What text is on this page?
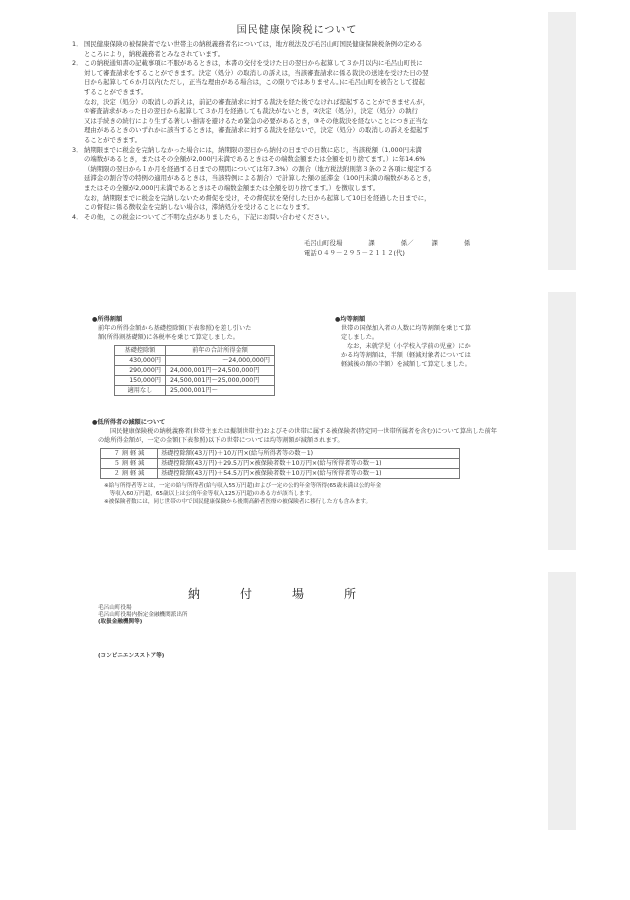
国民健康保険税について
1． 国民健康保険の被保険者でない世帯主の納税義務者名については，地方税法及び毛呂山町国民健康保険税条例の定める
ところにより，納税義務者とみなされています。
2． この納税通知書の記載事項に不服があるときは，本書の交付を受けた日の翌日から起算して３か月以内に毛呂山町長に
対して審査請求をすることができます。決定（処分）の取消しの訴えは，当該審査請求に係る裁決の送達を受けた日の翌
日から起算して６か月以内(ただし，正当な理由がある場合は，この限りではありません。)に毛呂山町を被告として提起
することができます。
なお，決定（処分）の取消しの訴えは，前記の審査請求に対する裁決を経た後でなければ提起することができませんが，
①審査請求があった日の翌日から起算して３か月を経過しても裁決がないとき，②決定（処分），決定（処分）の執行
又は手続きの続行により生ずる著しい損害を避けるため緊急の必要があるとき，③その他裁決を経ないことにつき正当な
理由があるときのいずれかに該当するときは，審査請求に対する裁決を経ないで，決定（処分）の取消しの訴えを提起す
ることができます。
3． 納期限までに税金を完納しなかった場合には，納期限の翌日から納付の日までの日数に応じ，当該税額（1,000円未満
の端数があるとき，またはその全額が2,000円未満であるときはその端数金額または全額を切り捨てます。）に年14.6%
（納期限の翌日から１か月を経過する日までの期間については年7.3%）の割合（地方税法附則第３条の２各項に規定する
延滞金の割合等の特例の適用があるときは，当該特例による割合）で計算した額の延滞金（100円未満の端数があるとき，
またはその全額が2,000円未満であるときはその端数金額または全額を切り捨てます。）を徴収します。
なお，納期限までに税金を完納しないため督促を受け，その督促状を発付した日から起算して10日を経過した日までに，
この督促に係る徴収金を完納しない場合は，滞納処分を受けることになります。
4． その他，この税金についてご不明な点がありましたら，下記にお問い合わせください。
毛呂山町役場	課	係／	課	係
電話０４９－２９５－２１１２(代)
●所得割額
前年の所得金額から基礎控除額(下表参照)を差し引いた
額(所得割基礎額)に各税率を乗じて算定しました。
基礎控除額	前年の合計所得金額
430,000円	～24,000,000円
290,000円	24,000,001円～24,500,000円
150,000円	24,500,001円～25,000,000円
適用なし	25,000,001円～
●均等割額
世帯の国保加入者の人数に均等割額を乗じて算定しました。
なお，未就学児（小学校入学前の児童）にかかる均等割額は，半額（軽減対象者については軽減後の額の半額）を減額して算定しました。
●低所得者の減額について
国民健康保険税の納税義務者(世帯主または擬制世帯主)およびその世帯に属する被保険者(特定同一世帯所属者を含む)について算出した前年の総所得金額が，一定の金額(下表参照)以下の世帯については均等割額が減額されます。
７ 割 軽 減	基礎控除額(43万円)＋10万円×(給与所得者等の数－1)
５ 割 軽 減	基礎控除額(43万円)＋29.5万円×被保険者数＋10万円×(給与所得者等の数－1)
２ 割 軽 減	基礎控除額(43万円)＋54.5万円×被保険者数＋10万円×(給与所得者等の数－1)
※給与所得者等とは，一定の給与所得者(給与収入55万円超)および一定の公的年金等所得(65歳未満は公的年金
　等収入60万円超，65歳以上は公的年金等収入125万円超)のある方が該当します。
※被保険者数には，同じ世帯の中で国民健康保険から後期高齢者医療の被保険者に移行した方も含みます。
納	付	場	所
毛呂山町役場
毛呂山町役場内指定金融機関派出所
(取扱金融機関等)
(コンビニエンスストア等)
